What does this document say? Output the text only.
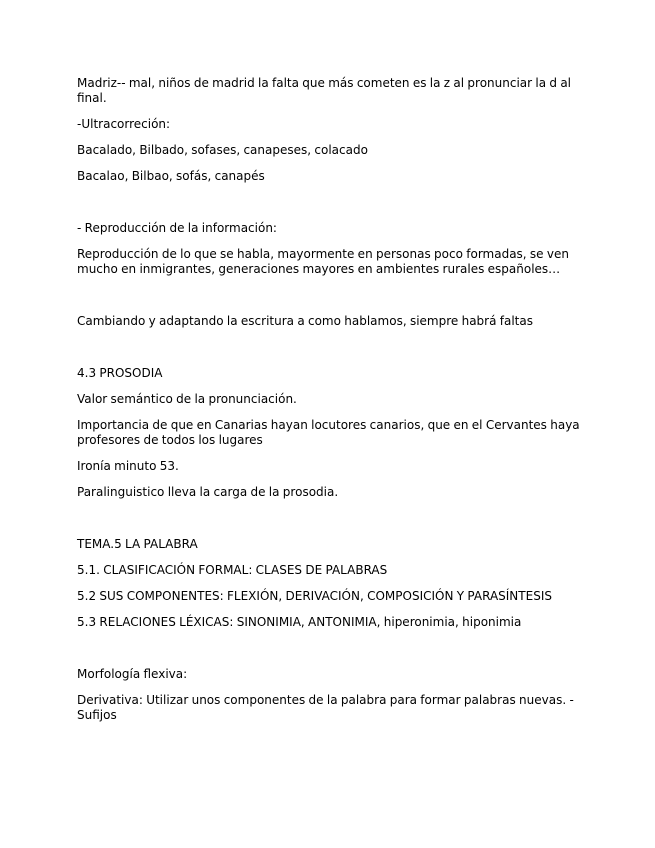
Madriz-- mal, niños de madrid la falta que más cometen es la z al pronunciar la d al final.

-Ultracorreción:

Bacalado, Bilbado, sofases, canapeses, colacado

Bacalao, Bilbao, sofás, canapés

- Reproducción de la información:

Reproducción de lo que se habla, mayormente en personas poco formadas, se ven mucho en inmigrantes, generaciones mayores en ambientes rurales españoles…

Cambiando y adaptando la escritura a como hablamos, siempre habrá faltas

4.3 PROSODIA

Valor semántico de la pronunciación.

Importancia de que en Canarias hayan locutores canarios, que en el Cervantes haya profesores de todos los lugares

Ironía minuto 53.

Paralinguistico lleva la carga de la prosodia.

TEMA.5 LA PALABRA

5.1. CLASIFICACIÓN FORMAL: CLASES DE PALABRAS

5.2 SUS COMPONENTES: FLEXIÓN, DERIVACIÓN, COMPOSICIÓN Y PARASÍNTESIS

5.3 RELACIONES LÉXICAS: SINONIMIA, ANTONIMIA, hiperonimia, hiponimia

Morfología flexiva:

Derivativa: Utilizar unos componentes de la palabra para formar palabras nuevas. -Sufijos
